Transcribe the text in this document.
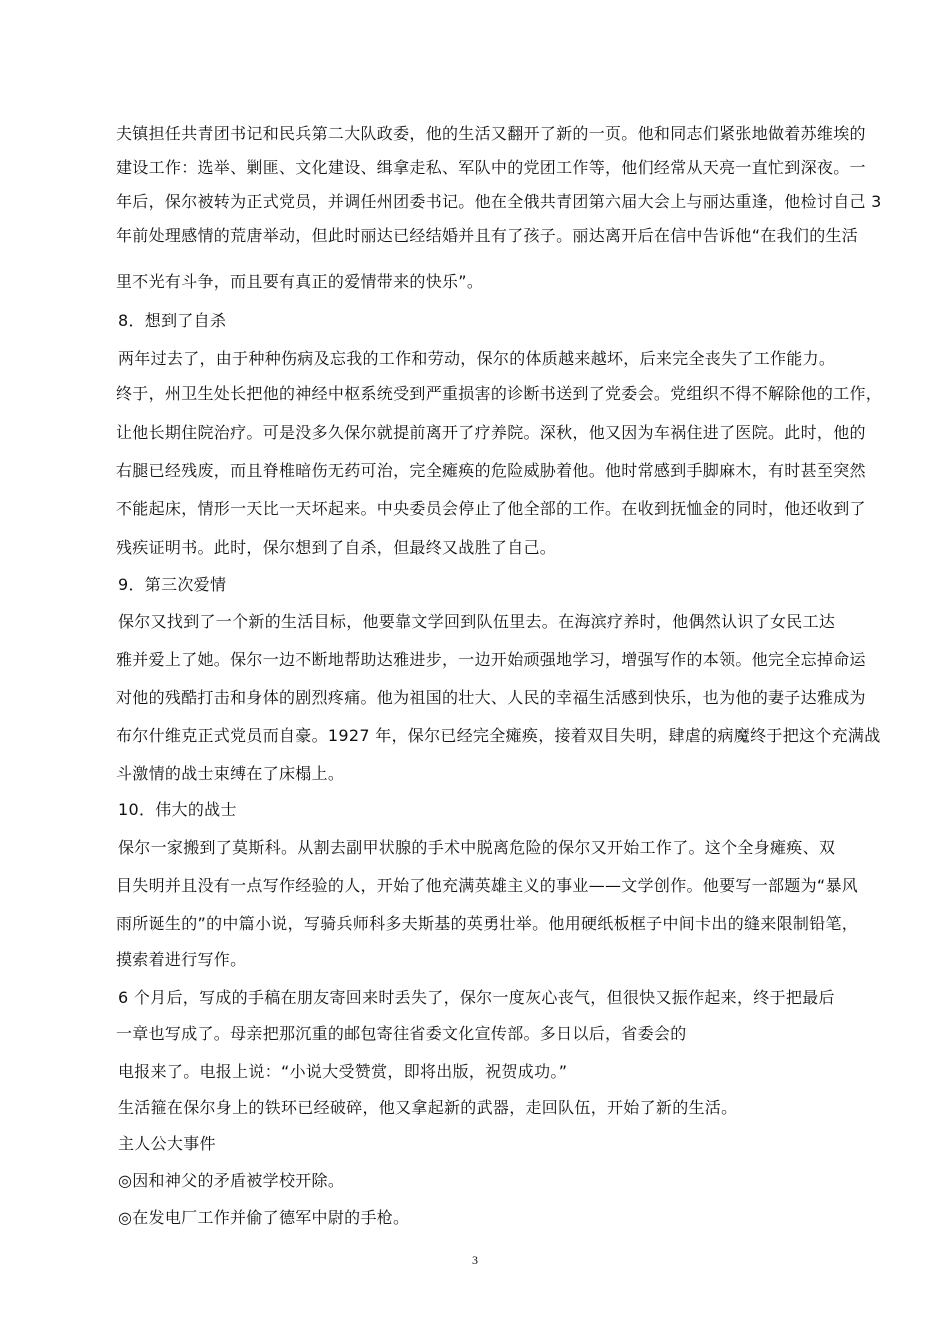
夫镇担任共青团书记和民兵第二大队政委，他的生活又翻开了新的一页。他和同志们紧张地做着苏维埃的
建设工作：选举、剿匪、文化建设、缉拿走私、军队中的党团工作等，他们经常从天亮一直忙到深夜。一
年后，保尔被转为正式党员，并调任州团委书记。他在全俄共青团第六届大会上与丽达重逢，他检讨自己 3
年前处理感情的荒唐举动，但此时丽达已经结婚并且有了孩子。丽达离开后在信中告诉他“在我们的生活
里不光有斗争，而且要有真正的爱情带来的快乐”。
8．想到了自杀
两年过去了，由于种种伤病及忘我的工作和劳动，保尔的体质越来越坏，后来完全丧失了工作能力。
终于，州卫生处长把他的神经中枢系统受到严重损害的诊断书送到了党委会。党组织不得不解除他的工作，
让他长期住院治疗。可是没多久保尔就提前离开了疗养院。深秋，他又因为车祸住进了医院。此时，他的
右腿已经残废，而且脊椎暗伤无药可治，完全瘫痪的危险威胁着他。他时常感到手脚麻木，有时甚至突然
不能起床，情形一天比一天坏起来。中央委员会停止了他全部的工作。在收到抚恤金的同时，他还收到了
残疾证明书。此时，保尔想到了自杀，但最终又战胜了自己。
9．第三次爱情
保尔又找到了一个新的生活目标，他要靠文学回到队伍里去。在海滨疗养时，他偶然认识了女民工达
雅并爱上了她。保尔一边不断地帮助达雅进步，一边开始顽强地学习，增强写作的本领。他完全忘掉命运
对他的残酷打击和身体的剧烈疼痛。他为祖国的壮大、人民的幸福生活感到快乐，也为他的妻子达雅成为
布尔什维克正式党员而自豪。1927 年，保尔已经完全瘫痪，接着双目失明，肆虐的病魔终于把这个充满战
斗激情的战士束缚在了床榻上。
10．伟大的战士
保尔一家搬到了莫斯科。从割去副甲状腺的手术中脱离危险的保尔又开始工作了。这个全身瘫痪、双
目失明并且没有一点写作经验的人，开始了他充满英雄主义的事业——文学创作。他要写一部题为“暴风
雨所诞生的”的中篇小说，写骑兵师科多夫斯基的英勇壮举。他用硬纸板框子中间卡出的缝来限制铅笔，
摸索着进行写作。
6 个月后，写成的手稿在朋友寄回来时丢失了，保尔一度灰心丧气，但很快又振作起来，终于把最后
一章也写成了。母亲把那沉重的邮包寄往省委文化宣传部。多日以后，省委会的
电报来了。电报上说：“小说大受赞赏，即将出版，祝贺成功。”
生活箍在保尔身上的铁环已经破碎，他又拿起新的武器，走回队伍，开始了新的生活。
主人公大事件
◎因和神父的矛盾被学校开除。
◎在发电厂工作并偷了德军中尉的手枪。
3
